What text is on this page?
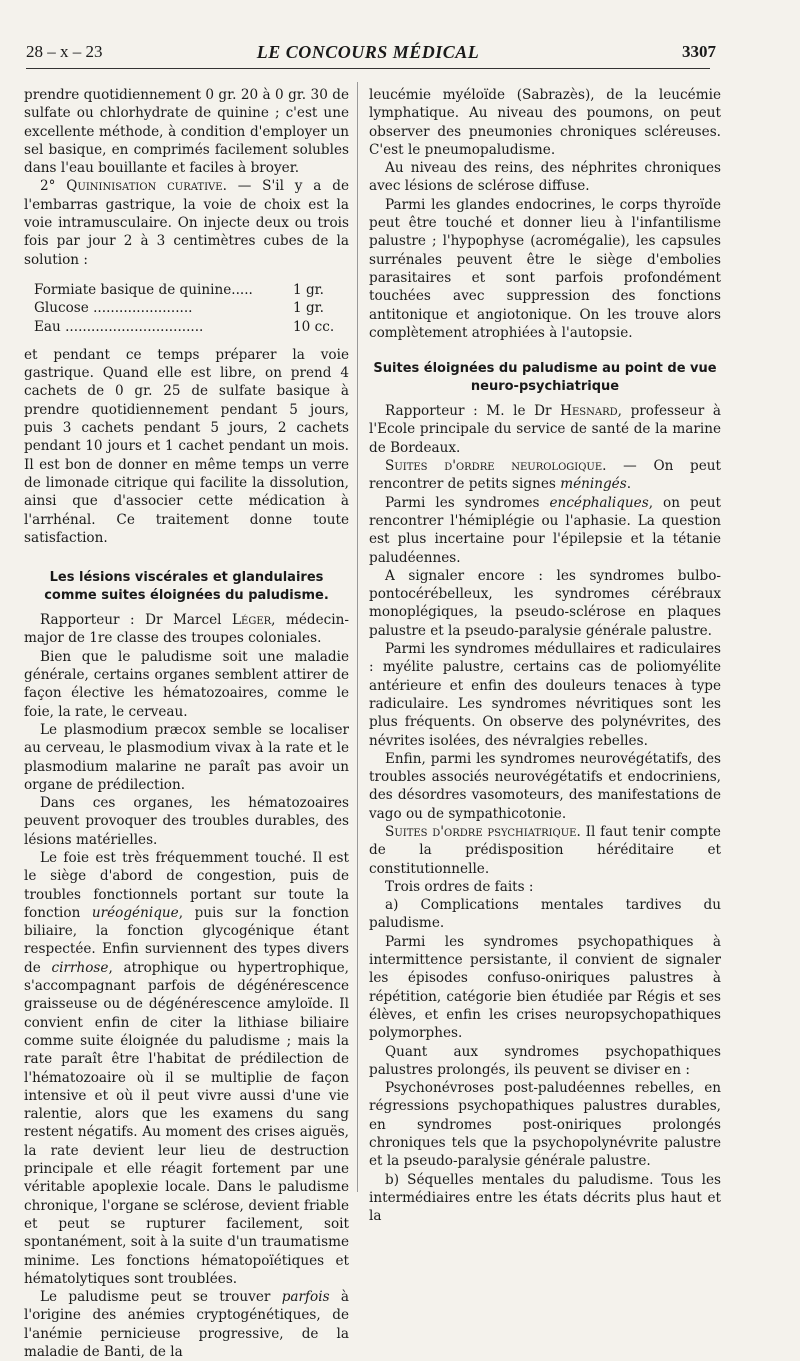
28 – x – 23	LE CONCOURS MÉDICAL	3307

prendre quotidiennement 0 gr. 20 à 0 gr. 30 de sulfate ou chlorhydrate de quinine ; c'est une excellente méthode, à condition d'employer un sel basique, en comprimés facilement solubles dans l'eau bouillante et faciles à broyer.

2° Quininisation curative. — S'il y a de l'embarras gastrique, la voie de choix est la voie intramusculaire. On injecte deux ou trois fois par jour 2 à 3 centimètres cubes de la solution :

Formiate basique de quinine.....	1 gr.
Glucose .......................	1 gr.
Eau ................................	10 cc.

et pendant ce temps préparer la voie gastrique. Quand elle est libre, on prend 4 cachets de 0 gr. 25 de sulfate basique à prendre quotidiennement pendant 5 jours, puis 3 cachets pendant 5 jours, 2 cachets pendant 10 jours et 1 cachet pendant un mois. Il est bon de donner en même temps un verre de limonade citrique qui facilite la dissolution, ainsi que d'associer cette médication à l'arrhénal. Ce traitement donne toute satisfaction.

Les lésions viscérales et glandulaires comme suites éloignées du paludisme.

Rapporteur : Dr Marcel Léger, médecin-major de 1re classe des troupes coloniales.

Bien que le paludisme soit une maladie générale, certains organes semblent attirer de façon élective les hématozoaires, comme le foie, la rate, le cerveau.

Le plasmodium præcox semble se localiser au cerveau, le plasmodium vivax à la rate et le plasmodium malarine ne paraît pas avoir un organe de prédilection.

Dans ces organes, les hématozoaires peuvent provoquer des troubles durables, des lésions matérielles.

Le foie est très fréquemment touché. Il est le siège d'abord de congestion, puis de troubles fonctionnels portant sur toute la fonction uréogénique, puis sur la fonction biliaire, la fonction glycogénique étant respectée. Enfin surviennent des types divers de cirrhose, atrophique ou hypertrophique, s'accompagnant parfois de dégénérescence graisseuse ou de dégénérescence amyloïde. Il convient enfin de citer la lithiase biliaire comme suite éloignée du paludisme ; mais la rate paraît être l'habitat de prédilection de l'hématozoaire où il se multiplie de façon intensive et où il peut vivre aussi d'une vie ralentie, alors que les examens du sang restent négatifs. Au moment des crises aiguës, la rate devient leur lieu de destruction principale et elle réagit fortement par une véritable apoplexie locale. Dans le paludisme chronique, l'organe se sclérose, devient friable et peut se rupturer facilement, soit spontanément, soit à la suite d'un traumatisme minime. Les fonctions hématopoïétiques et hématolytiques sont troublées.

Le paludisme peut se trouver parfois à l'origine des anémies cryptogénétiques, de l'anémie pernicieuse progressive, de la maladie de Banti, de la

leucémie myéloïde (Sabrazès), de la leucémie lymphatique. Au niveau des poumons, on peut observer des pneumonies chroniques scléreuses. C'est le pneumopaludisme.

Au niveau des reins, des néphrites chroniques avec lésions de sclérose diffuse.

Parmi les glandes endocrines, le corps thyroïde peut être touché et donner lieu à l'infantilisme palustre ; l'hypophyse (acromégalie), les capsules surrénales peuvent être le siège d'embolies parasitaires et sont parfois profondément touchées avec suppression des fonctions antitonique et angiotonique. On les trouve alors complètement atrophiées à l'autopsie.

Suites éloignées du paludisme au point de vue neuro-psychiatrique

Rapporteur : M. le Dr Hesnard, professeur à l'Ecole principale du service de santé de la marine de Bordeaux.

Suites d'ordre neurologique. — On peut rencontrer de petits signes méningés.

Parmi les syndromes encéphaliques, on peut rencontrer l'hémiplégie ou l'aphasie. La question est plus incertaine pour l'épilepsie et la tétanie paludéennes.

A signaler encore : les syndromes bulbo-pontocérébelleux, les syndromes cérébraux monoplégiques, la pseudo-sclérose en plaques palustre et la pseudo-paralysie générale palustre.

Parmi les syndromes médullaires et radiculaires : myélite palustre, certains cas de poliomyélite antérieure et enfin des douleurs tenaces à type radiculaire. Les syndromes névritiques sont les plus fréquents. On observe des polynévrites, des névrites isolées, des névralgies rebelles.

Enfin, parmi les syndromes neurovégétatifs, des troubles associés neurovégétatifs et endocriniens, des désordres vasomoteurs, des manifestations de vago ou de sympathicotonie.

Suites d'ordre psychiatrique. Il faut tenir compte de la prédisposition héréditaire et constitutionnelle.

Trois ordres de faits :

a) Complications mentales tardives du paludisme.

Parmi les syndromes psychopathiques à intermittence persistante, il convient de signaler les épisodes confuso-oniriques palustres à répétition, catégorie bien étudiée par Régis et ses élèves, et enfin les crises neuropsychopathiques polymorphes.

Quant aux syndromes psychopathiques palustres prolongés, ils peuvent se diviser en :

Psychonévroses post-paludéennes rebelles, en régressions psychopathiques palustres durables, en syndromes post-oniriques prolongés chroniques tels que la psychopolynévrite palustre et la pseudo-paralysie générale palustre.

b) Séquelles mentales du paludisme. Tous les intermédiaires entre les états décrits plus haut et la
